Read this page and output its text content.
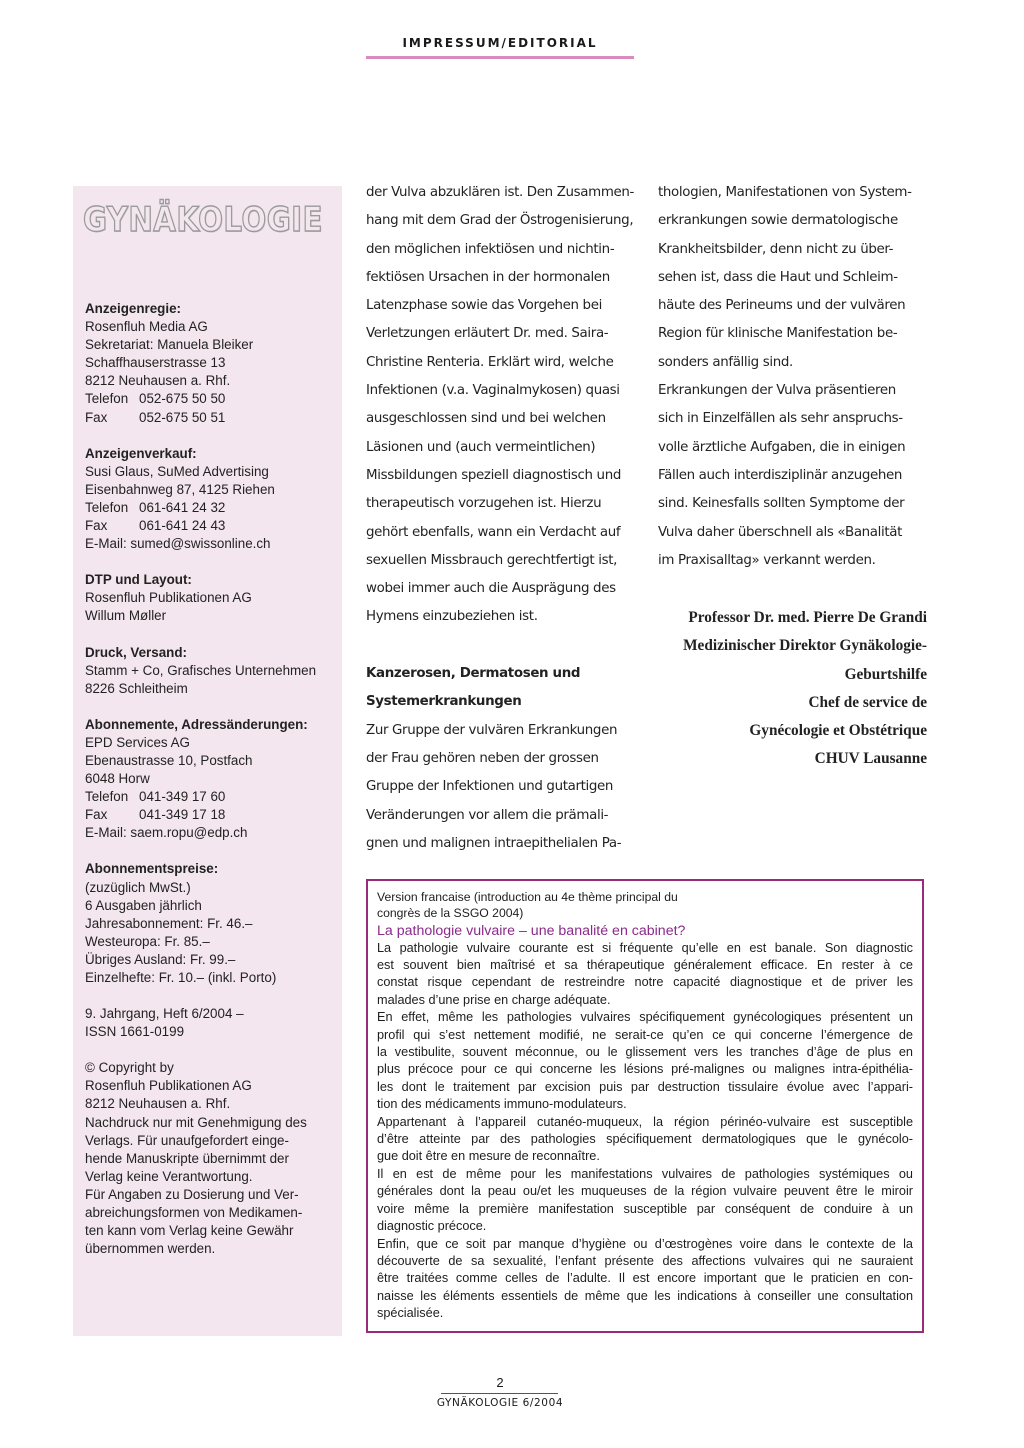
IMPRESSUM/EDITORIAL
GYNÄKOLOGIE
Anzeigenregie:
Rosenfluh Media AG
Sekretariat: Manuela Bleiker
Schaffhauserstrasse 13
8212 Neuhausen a. Rhf.
Telefon 052-675 50 50
Fax 052-675 50 51
Anzeigenverkauf:
Susi Glaus, SuMed Advertising
Eisenbahnweg 87, 4125 Riehen
Telefon 061-641 24 32
Fax 061-641 24 43
E-Mail: sumed@swissonline.ch
DTP und Layout:
Rosenfluh Publikationen AG
Willum Møller
Druck, Versand:
Stamm + Co, Grafisches Unternehmen
8226 Schleitheim
Abonnemente, Adressänderungen:
EPD Services AG
Ebenaustrasse 10, Postfach
6048 Horw
Telefon 041-349 17 60
Fax 041-349 17 18
E-Mail: saem.ropu@edp.ch
Abonnementspreise:
(zuzüglich MwSt.)
6 Ausgaben jährlich
Jahresabonnement: Fr. 46.–
Westeuropa: Fr. 85.–
Übriges Ausland: Fr. 99.–
Einzelhefte: Fr. 10.– (inkl. Porto)
9. Jahrgang, Heft 6/2004 –
ISSN 1661-0199
© Copyright by
Rosenfluh Publikationen AG
8212 Neuhausen a. Rhf.
Nachdruck nur mit Genehmigung des
Verlags. Für unaufgefordert einge-
hende Manuskripte übernimmt der
Verlag keine Verantwortung.
Für Angaben zu Dosierung und Ver-
abreichungsformen von Medikamen-
ten kann vom Verlag keine Gewähr
übernommen werden.
der Vulva abzuklären ist. Den Zusammen-
hang mit dem Grad der Östrogenisierung,
den möglichen infektiösen und nichtin-
fektiösen Ursachen in der hormonalen
Latenzphase sowie das Vorgehen bei
Verletzungen erläutert Dr. med. Saira-
Christine Renteria. Erklärt wird, welche
Infektionen (v.a. Vaginalmykosen) quasi
ausgeschlossen sind und bei welchen
Läsionen und (auch vermeintlichen)
Missbildungen speziell diagnostisch und
therapeutisch vorzugehen ist. Hierzu
gehört ebenfalls, wann ein Verdacht auf
sexuellen Missbrauch gerechtfertigt ist,
wobei immer auch die Ausprägung des
Hymens einzubeziehen ist.

Kanzerosen, Dermatosen und
Systemerkrankungen
Zur Gruppe der vulvären Erkrankungen
der Frau gehören neben der grossen
Gruppe der Infektionen und gutartigen
Veränderungen vor allem die prämali-
gnen und malignen intraepithelialen Pa-
thologien, Manifestationen von System-
erkrankungen sowie dermatologische
Krankheitsbilder, denn nicht zu über-
sehen ist, dass die Haut und Schleim-
häute des Perineums und der vulvären
Region für klinische Manifestation be-
sonders anfällig sind.
Erkrankungen der Vulva präsentieren
sich in Einzelfällen als sehr anspruchs-
volle ärztliche Aufgaben, die in einigen
Fällen auch interdisziplinär anzugehen
sind. Keinesfalls sollten Symptome der
Vulva daher überschnell als «Banalität
im Praxisalltag» verkannt werden.
Professor Dr. med. Pierre De Grandi
Medizinischer Direktor Gynäkologie-
Geburtshilfe
Chef de service de
Gynécologie et Obstétrique
CHUV Lausanne
Version francaise (introduction au 4e thème principal du
congrès de la SSGO 2004)
La pathologie vulvaire – une banalité en cabinet?
La pathologie vulvaire courante est si fréquente qu’elle en est banale. Son diagnostic
est souvent bien maîtrisé et sa thérapeutique généralement efficace. En rester à ce
constat risque cependant de restreindre notre capacité diagnostique et de priver les
malades d’une prise en charge adéquate.
En effet, même les pathologies vulvaires spécifiquement gynécologiques présentent un
profil qui s’est nettement modifié, ne serait-ce qu’en ce qui concerne l’émergence de
la vestibulite, souvent méconnue, ou le glissement vers les tranches d’âge de plus en
plus précoce pour ce qui concerne les lésions pré-malignes ou malignes intra-épithélia-
les dont le traitement par excision puis par destruction tissulaire évolue avec l’appari-
tion des médicaments immuno-modulateurs.
Appartenant à l’appareil cutanéo-muqueux, la région périnéo-vulvaire est susceptible
d’être atteinte par des pathologies spécifiquement dermatologiques que le gynécolo-
gue doit être en mesure de reconnaître.
Il en est de même pour les manifestations vulvaires de pathologies systémiques ou
générales dont la peau ou/et les muqueuses de la région vulvaire peuvent être le miroir
voire même la première manifestation susceptible par conséquent de conduire à un
diagnostic précoce.
Enfin, que ce soit par manque d’hygiène ou d’œstrogènes voire dans le contexte de la
découverte de sa sexualité, l’enfant présente des affections vulvaires qui ne sauraient
être traitées comme celles de l’adulte. Il est encore important que le praticien en con-
naisse les éléments essentiels de même que les indications à conseiller une consultation
spécialisée.
2
GYNÄKOLOGIE 6/2004
